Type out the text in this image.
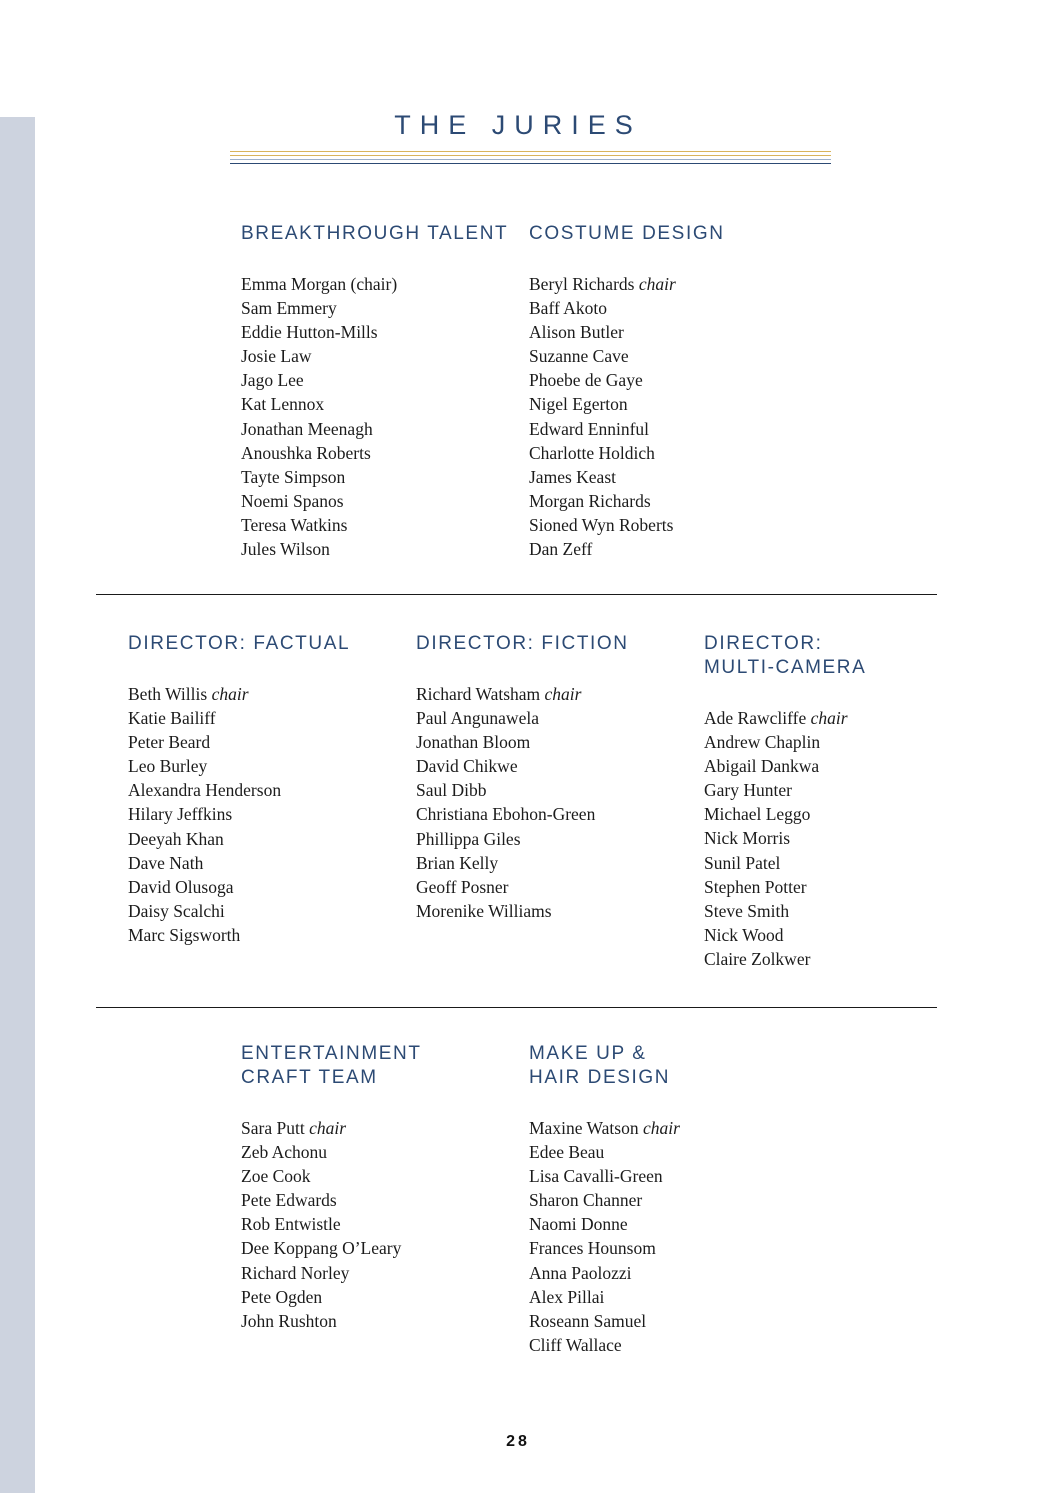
THE JURIES
BREAKTHROUGH TALENT
Emma Morgan (chair)
Sam Emmery
Eddie Hutton-Mills
Josie Law
Jago Lee
Kat Lennox
Jonathan Meenagh
Anoushka Roberts
Tayte Simpson
Noemi Spanos
Teresa Watkins
Jules Wilson
COSTUME DESIGN
Beryl Richards chair
Baff Akoto
Alison Butler
Suzanne Cave
Phoebe de Gaye
Nigel Egerton
Edward Enninful
Charlotte Holdich
James Keast
Morgan Richards
Sioned Wyn Roberts
Dan Zeff
DIRECTOR: FACTUAL
Beth Willis chair
Katie Bailiff
Peter Beard
Leo Burley
Alexandra Henderson
Hilary Jeffkins
Deeyah Khan
Dave Nath
David Olusoga
Daisy Scalchi
Marc Sigsworth
DIRECTOR: FICTION
Richard Watsham chair
Paul Angunawela
Jonathan Bloom
David Chikwe
Saul Dibb
Christiana Ebohon-Green
Phillippa Giles
Brian Kelly
Geoff Posner
Morenike Williams
DIRECTOR:
MULTI-CAMERA
Ade Rawcliffe chair
Andrew Chaplin
Abigail Dankwa
Gary Hunter
Michael Leggo
Nick Morris
Sunil Patel
Stephen Potter
Steve Smith
Nick Wood
Claire Zolkwer
ENTERTAINMENT
CRAFT TEAM
Sara Putt chair
Zeb Achonu
Zoe Cook
Pete Edwards
Rob Entwistle
Dee Koppang O’Leary
Richard Norley
Pete Ogden
John Rushton
MAKE UP &
HAIR DESIGN
Maxine Watson chair
Edee Beau
Lisa Cavalli-Green
Sharon Channer
Naomi Donne
Frances Hounsom
Anna Paolozzi
Alex Pillai
Roseann Samuel
Cliff Wallace
28
